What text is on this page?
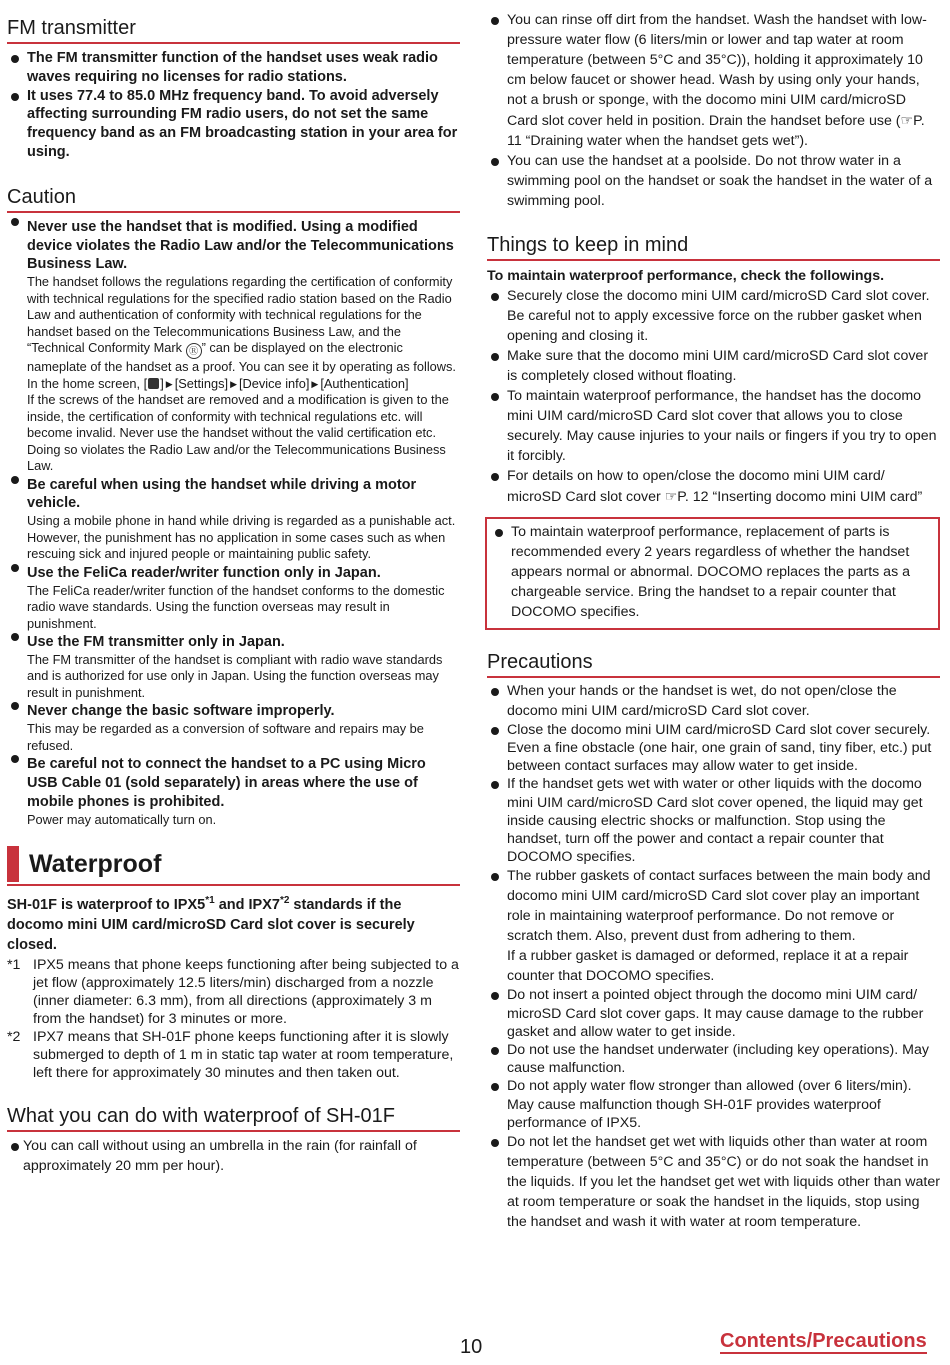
FM transmitter
The FM transmitter function of the handset uses weak radio waves requiring no licenses for radio stations.
It uses 77.4 to 85.0 MHz frequency band. To avoid adversely affecting surrounding FM radio users, do not set the same frequency band as an FM broadcasting station in your area for using.
Caution
Never use the handset that is modified. Using a modified device violates the Radio Law and/or the Telecommunications Business Law.
The handset follows the regulations regarding the certification of conformity with technical regulations for the specified radio station based on the Radio Law and authentication of conformity with technical regulations for the handset based on the Telecommunications Business Law, and the “Technical Conformity Mark Ⓡ ” can be displayed on the electronic nameplate of the handset as a proof. You can see it by operating as follows.
In the home screen, [ ] ▶ [Settings] ▶ [Device info] ▶ [Authentication]
If the screws of the handset are removed and a modification is given to the inside, the certification of conformity with technical regulations etc. will become invalid. Never use the handset without the valid certification etc. Doing so violates the Radio Law and/or the Telecommunications Business Law.
Be careful when using the handset while driving a motor vehicle.
Using a mobile phone in hand while driving is regarded as a punishable act.
However, the punishment has no application in some cases such as when rescuing sick and injured people or maintaining public safety.
Use the FeliCa reader/writer function only in Japan.
The FeliCa reader/writer function of the handset conforms to the domestic radio wave standards. Using the function overseas may result in punishment.
Use the FM transmitter only in Japan.
The FM transmitter of the handset is compliant with radio wave standards and is authorized for use only in Japan. Using the function overseas may result in punishment.
Never change the basic software improperly.
This may be regarded as a conversion of software and repairs may be refused.
Be careful not to connect the handset to a PC using Micro USB Cable 01 (sold separately) in areas where the use of mobile phones is prohibited.
Power may automatically turn on.
Waterproof
SH-01F is waterproof to IPX5$^{*1}$ and IPX7$^{*2}$ standards if the docomo mini UIM card/microSD Card slot cover is securely closed.
*1 IPX5 means that phone keeps functioning after being subjected to a jet flow (approximately 12.5 liters/min) discharged from a nozzle (inner diameter: 6.3 mm), from all directions (approximately 3 m from the handset) for 3 minutes or more.
*2 IPX7 means that SH-01F phone keeps functioning after it is slowly submerged to depth of 1 m in static tap water at room temperature, left there for approximately 30 minutes and then taken out.
What you can do with waterproof of SH-01F
You can call without using an umbrella in the rain (for rainfall of approximately 20 mm per hour).
You can rinse off dirt from the handset. Wash the handset with low-pressure water flow (6 liters/min or lower and tap water at room temperature (between 5°C and 35°C)), holding it approximately 10 cm below faucet or shower head. Wash by using only your hands, not a brush or sponge, with the docomo mini UIM card/microSD Card slot cover held in position. Drain the handset before use (☞P. 11 “Draining water when the handset gets wet”).
You can use the handset at a poolside. Do not throw water in a swimming pool on the handset or soak the handset in the water of a swimming pool.
Things to keep in mind
To maintain waterproof performance, check the followings.
Securely close the docomo mini UIM card/microSD Card slot cover. Be careful not to apply excessive force on the rubber gasket when opening and closing it.
Make sure that the docomo mini UIM card/microSD Card slot cover is completely closed without floating.
To maintain waterproof performance, the handset has the docomo mini UIM card/microSD Card slot cover that allows you to close securely. May cause injuries to your nails or fingers if you try to open it forcibly.
For details on how to open/close the docomo mini UIM card/ microSD Card slot cover ☞P. 12 “Inserting docomo mini UIM card”
To maintain waterproof performance, replacement of parts is recommended every 2 years regardless of whether the handset appears normal or abnormal. DOCOMO replaces the parts as a chargeable service. Bring the handset to a repair counter that DOCOMO specifies.
Precautions
When your hands or the handset is wet, do not open/close the docomo mini UIM card/microSD Card slot cover.
Close the docomo mini UIM card/microSD Card slot cover securely. Even a fine obstacle (one hair, one grain of sand, tiny fiber, etc.) put between contact surfaces may allow water to get inside.
If the handset gets wet with water or other liquids with the docomo mini UIM card/microSD Card slot cover opened, the liquid may get inside causing electric shocks or malfunction. Stop using the handset, turn off the power and contact a repair counter that DOCOMO specifies.
The rubber gaskets of contact surfaces between the main body and docomo mini UIM card/microSD Card slot cover play an important role in maintaining waterproof performance. Do not remove or scratch them. Also, prevent dust from adhering to them.
If a rubber gasket is damaged or deformed, replace it at a repair counter that DOCOMO specifies.
Do not insert a pointed object through the docomo mini UIM card/ microSD Card slot cover gaps. It may cause damage to the rubber gasket and allow water to get inside.
Do not use the handset underwater (including key operations). May cause malfunction.
Do not apply water flow stronger than allowed (over 6 liters/min). May cause malfunction though SH-01F provides waterproof performance of IPX5.
Do not let the handset get wet with liquids other than water at room temperature (between 5°C and 35°C) or do not soak the handset in the liquids. If you let the handset get wet with liquids other than water at room temperature or soak the handset in the liquids, stop using the handset and wash it with water at room temperature.
10	Contents/Precautions
